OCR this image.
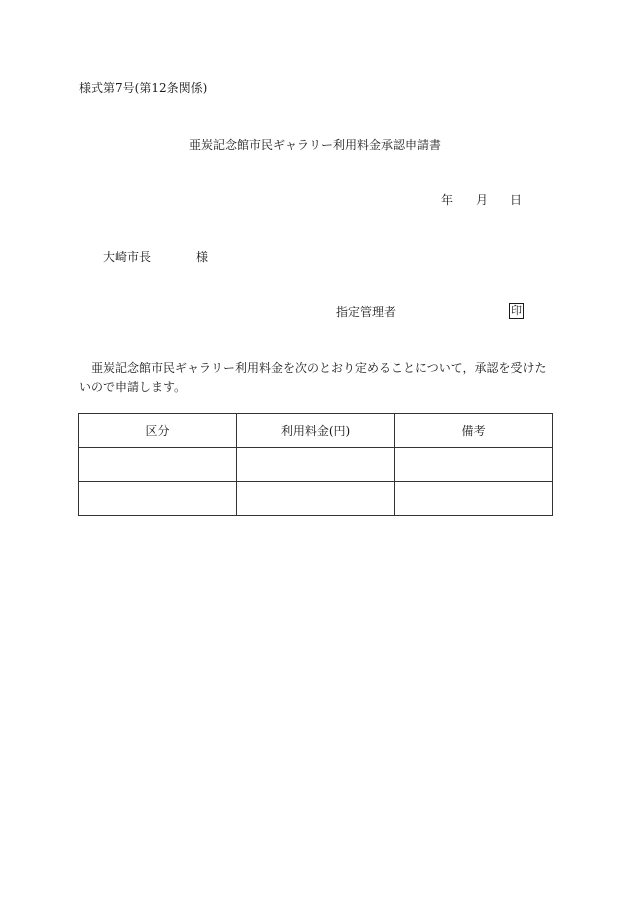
様式第7号(第12条関係)
亜炭記念館市民ギャラリー利用料金承認申請書
年 月 日
大崎市長	様
指定管理者	印
亜炭記念館市民ギャラリー利用料金を次のとおり定めることについて，承認を受けたいので申請します。
区分	利用料金(円)	備考
